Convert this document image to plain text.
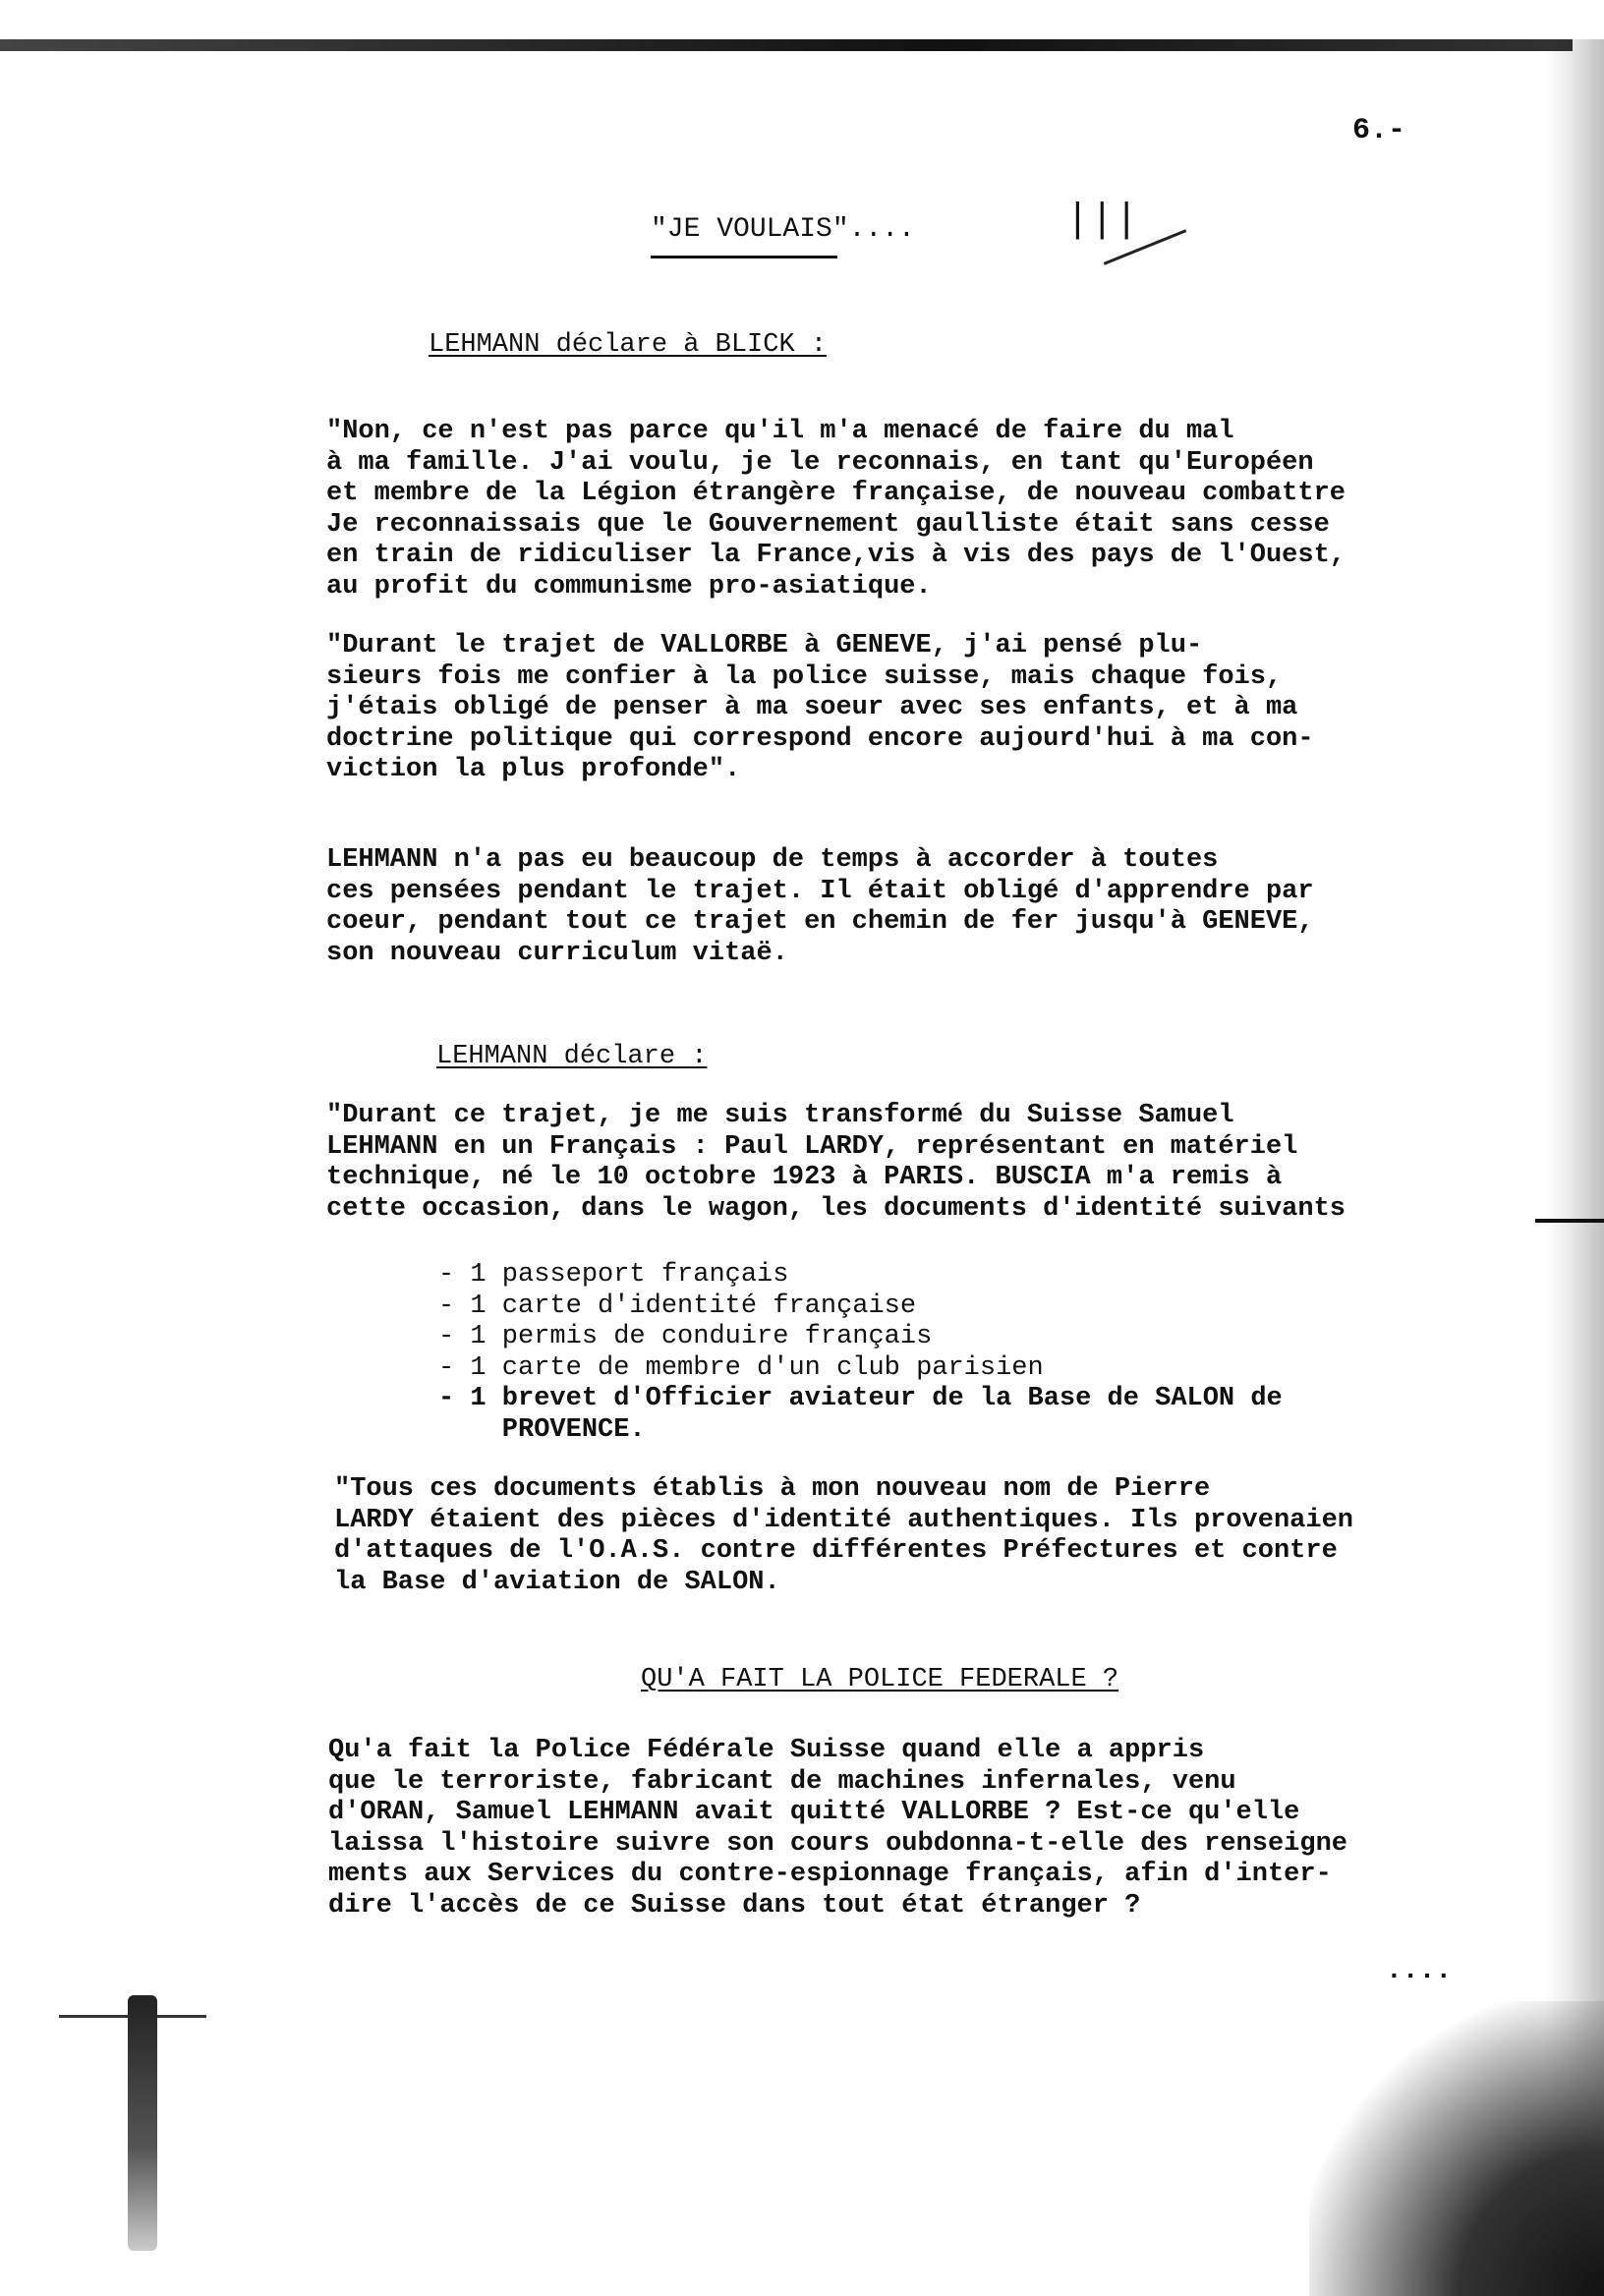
6.-

"JE VOULAIS"....	| | |

LEHMANN déclare à BLICK :

"Non, ce n'est pas parce qu'il m'a menacé de faire du mal
à ma famille. J'ai voulu, je le reconnais, en tant qu'Européen
et membre de la Légion étrangère française, de nouveau combattre
Je reconnaissais que le Gouvernement gaulliste était sans cesse
en train de ridiculiser la France,vis à vis des pays de l'Ouest,
au profit du communisme pro-asiatique.

"Durant le trajet de VALLORBE à GENEVE, j'ai pensé plu-
sieurs fois me confier à la police suisse, mais chaque fois,
j'étais obligé de penser à ma soeur avec ses enfants, et à ma
doctrine politique qui correspond encore aujourd'hui à ma con-
viction la plus profonde".

LEHMANN n'a pas eu beaucoup de temps à accorder à toutes
ces pensées pendant le trajet. Il était obligé d'apprendre par
coeur, pendant tout ce trajet en chemin de fer jusqu'à GENEVE,
son nouveau curriculum vitaë.

LEHMANN déclare :

"Durant ce trajet, je me suis transformé du Suisse Samuel
LEHMANN en un Français : Paul LARDY, représentant en matériel
technique, né le 10 octobre 1923 à PARIS. BUSCIA m'a remis à
cette occasion, dans le wagon, les documents d'identité suivants

- 1 passeport français
- 1 carte d'identité française
- 1 permis de conduire français
- 1 carte de membre d'un club parisien
- 1 brevet d'Officier aviateur de la Base de SALON de
PROVENCE.

"Tous ces documents établis à mon nouveau nom de Pierre
LARDY étaient des pièces d'identité authentiques. Ils provenaien
d'attaques de l'O.A.S. contre différentes Préfectures et contre
la Base d'aviation de SALON.

QU'A FAIT LA POLICE FEDERALE ?

Qu'a fait la Police Fédérale Suisse quand elle a appris
que le terroriste, fabricant de machines infernales, venu
d'ORAN, Samuel LEHMANN avait quitté VALLORBE ? Est-ce qu'elle
laissa l'histoire suivre son cours oubdonna-t-elle des renseigne
ments aux Services du contre-espionnage français, afin d'inter-
dire l'accès de ce Suisse dans tout état étranger ?

....
